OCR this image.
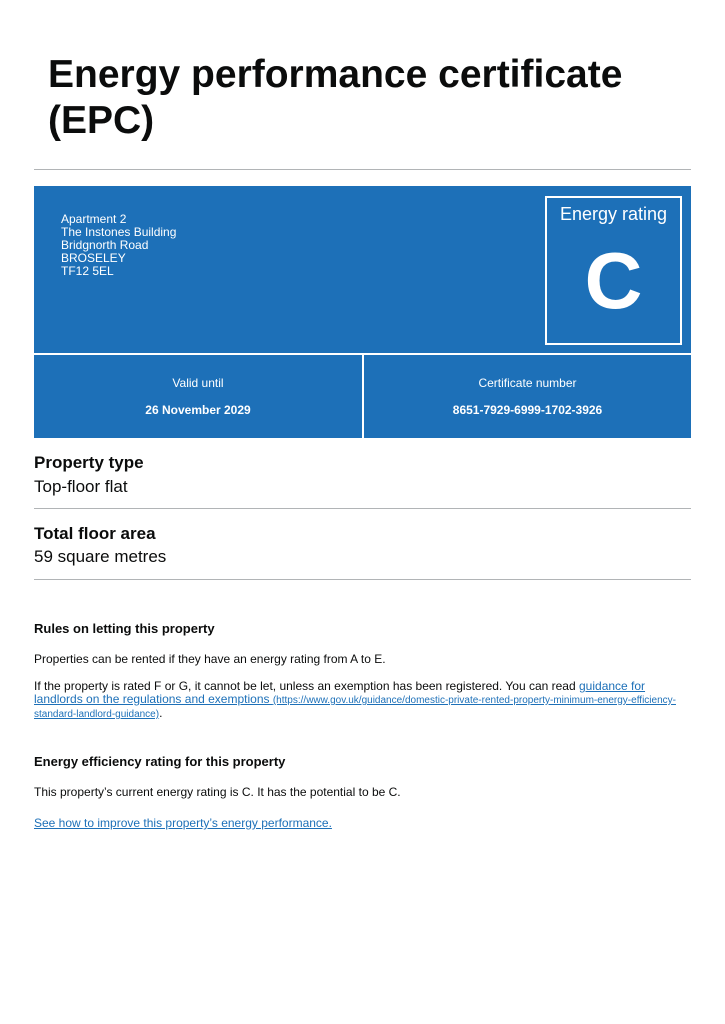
Energy performance certificate (EPC)
Apartment 2
The Instones Building
Bridgnorth Road
BROSELEY
TF12 5EL
Energy rating
C
Valid until
26 November 2029
Certificate number
8651-7929-6999-1702-3926
Property type
Top-floor flat
Total floor area
59 square metres
Rules on letting this property

Properties can be rented if they have an energy rating from A to E.

If the property is rated F or G, it cannot be let, unless an exemption has been registered. You can read guidance for landlords on the regulations and exemptions (https://www.gov.uk/guidance/domestic-private-rented-property-minimum-energy-efficiency-standard-landlord-guidance).

Energy efficiency rating for this property

This property’s current energy rating is C. It has the potential to be C.

See how to improve this property’s energy performance.
